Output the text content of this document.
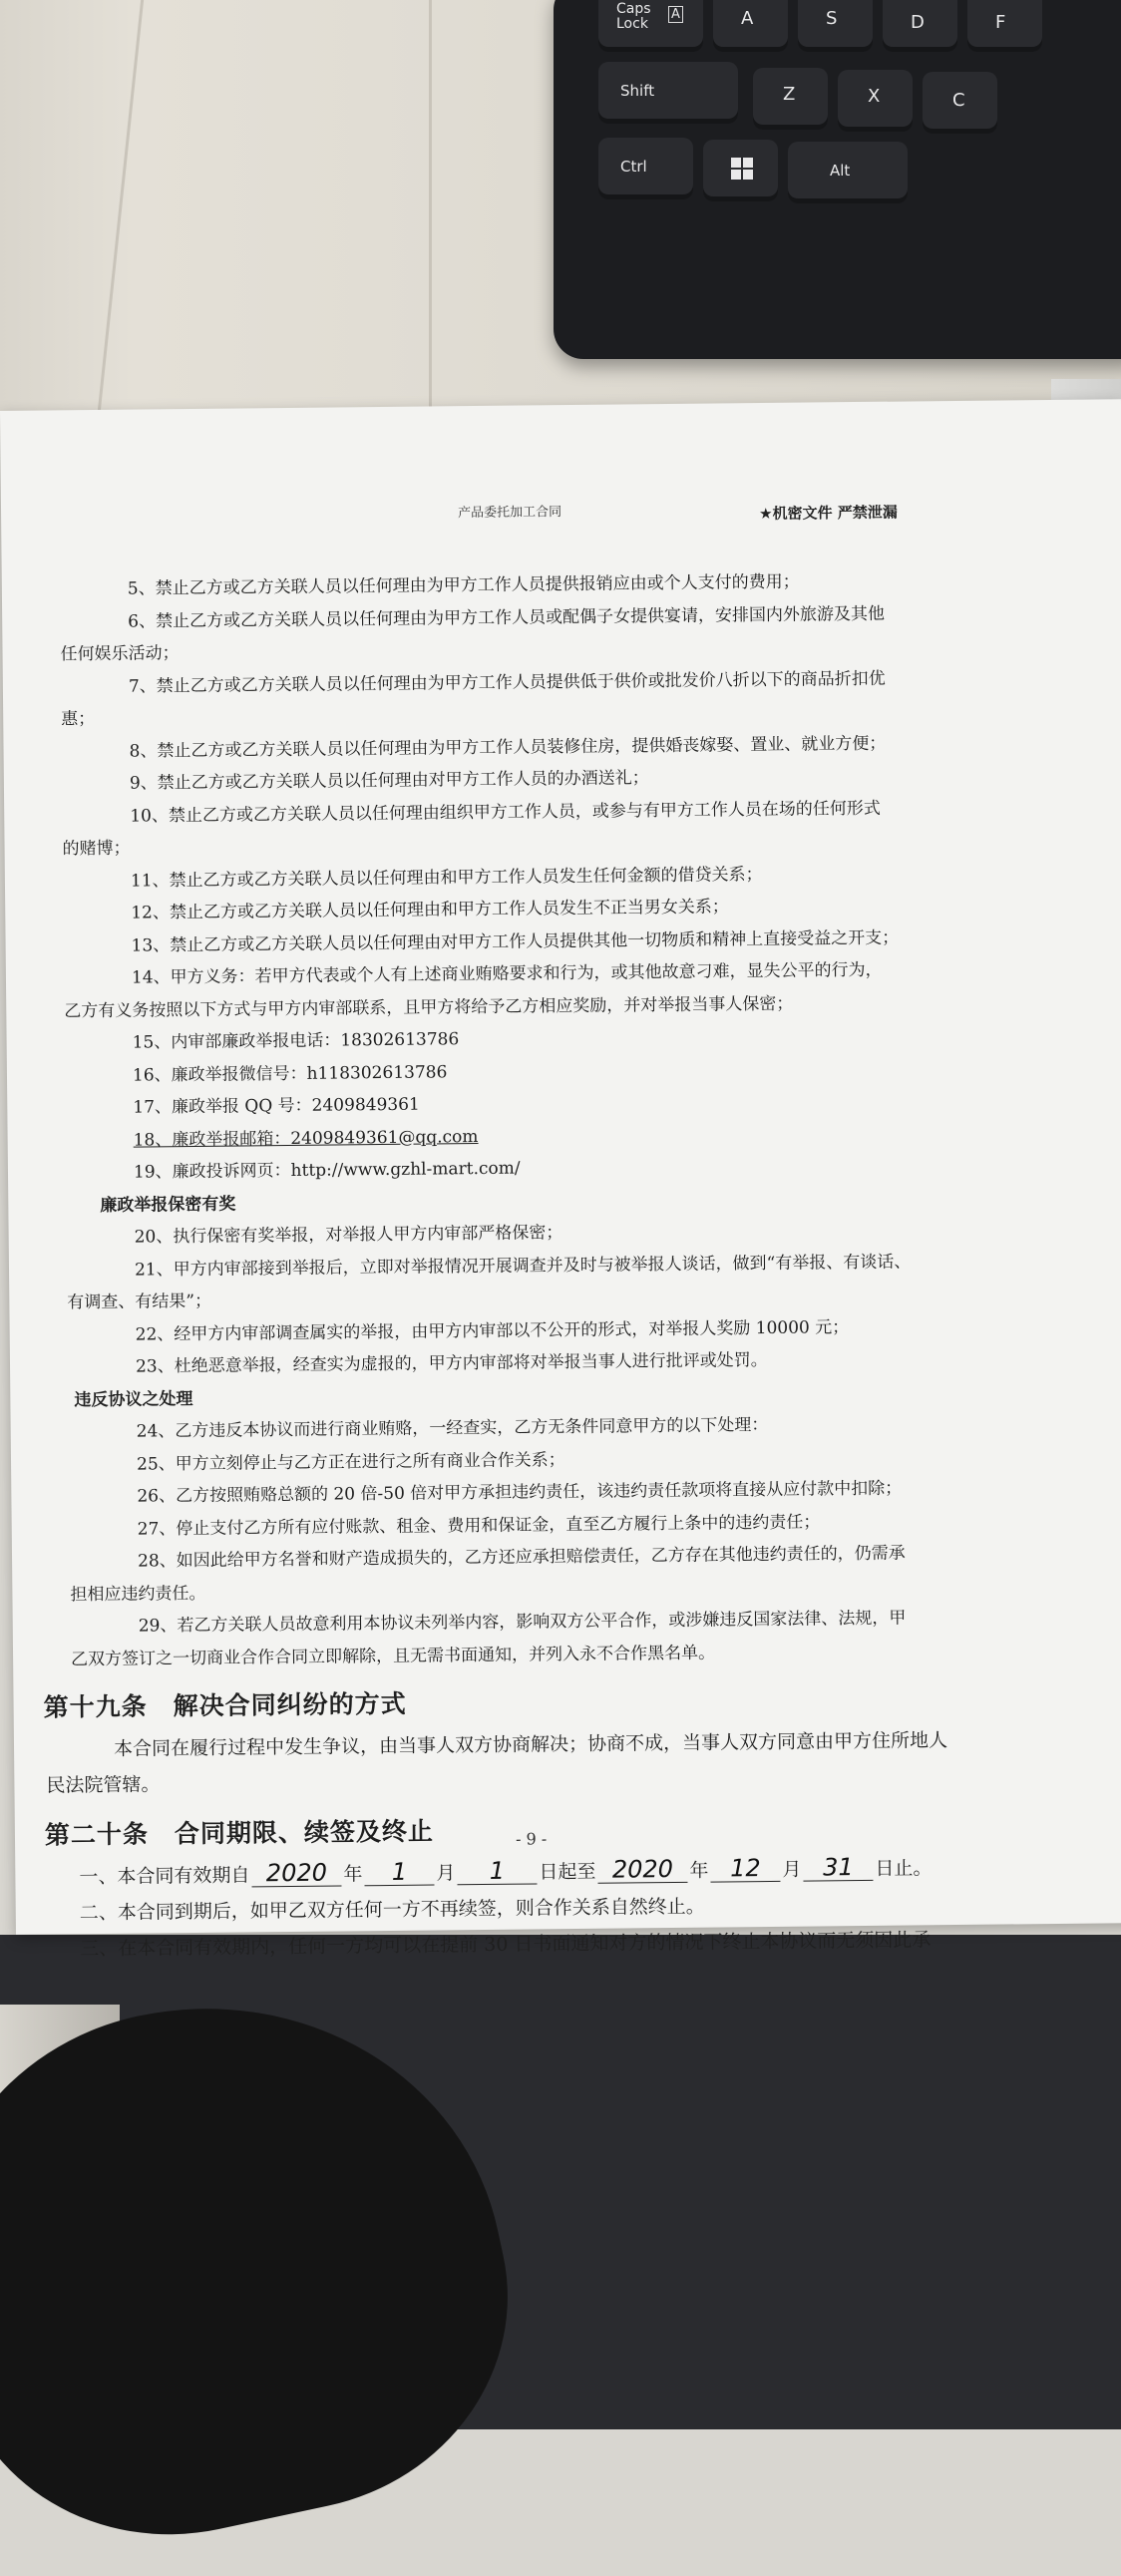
Caps
Lock
A	A	S	D	F
Shift	Z	X	C
Ctrl	Alt
产品委托加工合同	★机密文件 严禁泄漏
5、禁止乙方或乙方关联人员以任何理由为甲方工作人员提供报销应由或个人支付的费用；
6、禁止乙方或乙方关联人员以任何理由为甲方工作人员或配偶子女提供宴请，安排国内外旅游及其他
任何娱乐活动；
7、禁止乙方或乙方关联人员以任何理由为甲方工作人员提供低于供价或批发价八折以下的商品折扣优
惠；
8、禁止乙方或乙方关联人员以任何理由为甲方工作人员装修住房，提供婚丧嫁娶、置业、就业方便；
9、禁止乙方或乙方关联人员以任何理由对甲方工作人员的办酒送礼；
10、禁止乙方或乙方关联人员以任何理由组织甲方工作人员，或参与有甲方工作人员在场的任何形式
的赌博；
11、禁止乙方或乙方关联人员以任何理由和甲方工作人员发生任何金额的借贷关系；
12、禁止乙方或乙方关联人员以任何理由和甲方工作人员发生不正当男女关系；
13、禁止乙方或乙方关联人员以任何理由对甲方工作人员提供其他一切物质和精神上直接受益之开支；
14、甲方义务：若甲方代表或个人有上述商业贿赂要求和行为，或其他故意刁难，显失公平的行为，
乙方有义务按照以下方式与甲方内审部联系，且甲方将给予乙方相应奖励，并对举报当事人保密；
15、内审部廉政举报电话：18302613786
16、廉政举报微信号：h118302613786
17、廉政举报 QQ 号：2409849361
18、廉政举报邮箱：2409849361@qq.com
19、廉政投诉网页：http://www.gzhl-mart.com/
廉政举报保密有奖
20、执行保密有奖举报，对举报人甲方内审部严格保密；
21、甲方内审部接到举报后，立即对举报情况开展调查并及时与被举报人谈话，做到“有举报、有谈话、
有调查、有结果”；
22、经甲方内审部调查属实的举报，由甲方内审部以不公开的形式，对举报人奖励 10000 元；
23、杜绝恶意举报，经查实为虚报的，甲方内审部将对举报当事人进行批评或处罚。
违反协议之处理
24、乙方违反本协议而进行商业贿赂，一经查实，乙方无条件同意甲方的以下处理：
25、甲方立刻停止与乙方正在进行之所有商业合作关系；
26、乙方按照贿赂总额的 20 倍-50 倍对甲方承担违约责任，该违约责任款项将直接从应付款中扣除；
27、停止支付乙方所有应付账款、租金、费用和保证金，直至乙方履行上条中的违约责任；
28、如因此给甲方名誉和财产造成损失的，乙方还应承担赔偿责任，乙方存在其他违约责任的，仍需承
担相应违约责任。
29、若乙方关联人员故意利用本协议未列举内容，影响双方公平合作，或涉嫌违反国家法律、法规，甲
乙双方签订之一切商业合作合同立即解除，且无需书面通知，并列入永不合作黑名单。
第十九条　解决合同纠纷的方式
本合同在履行过程中发生争议，由当事人双方协商解决；协商不成，当事人双方同意由甲方住所地人
民法院管辖。
第二十条　合同期限、续签及终止
一、本合同有效期自 2020 年 1 月 1 日起至 2020 年 12 月 31 日止。
二、本合同到期后，如甲乙双方任何一方不再续签，则合作关系自然终止。
三、在本合同有效期内，任何一方均可以在提前 30 日书面通知对方的情况下终止本协议而无须因此承
- 9 -
